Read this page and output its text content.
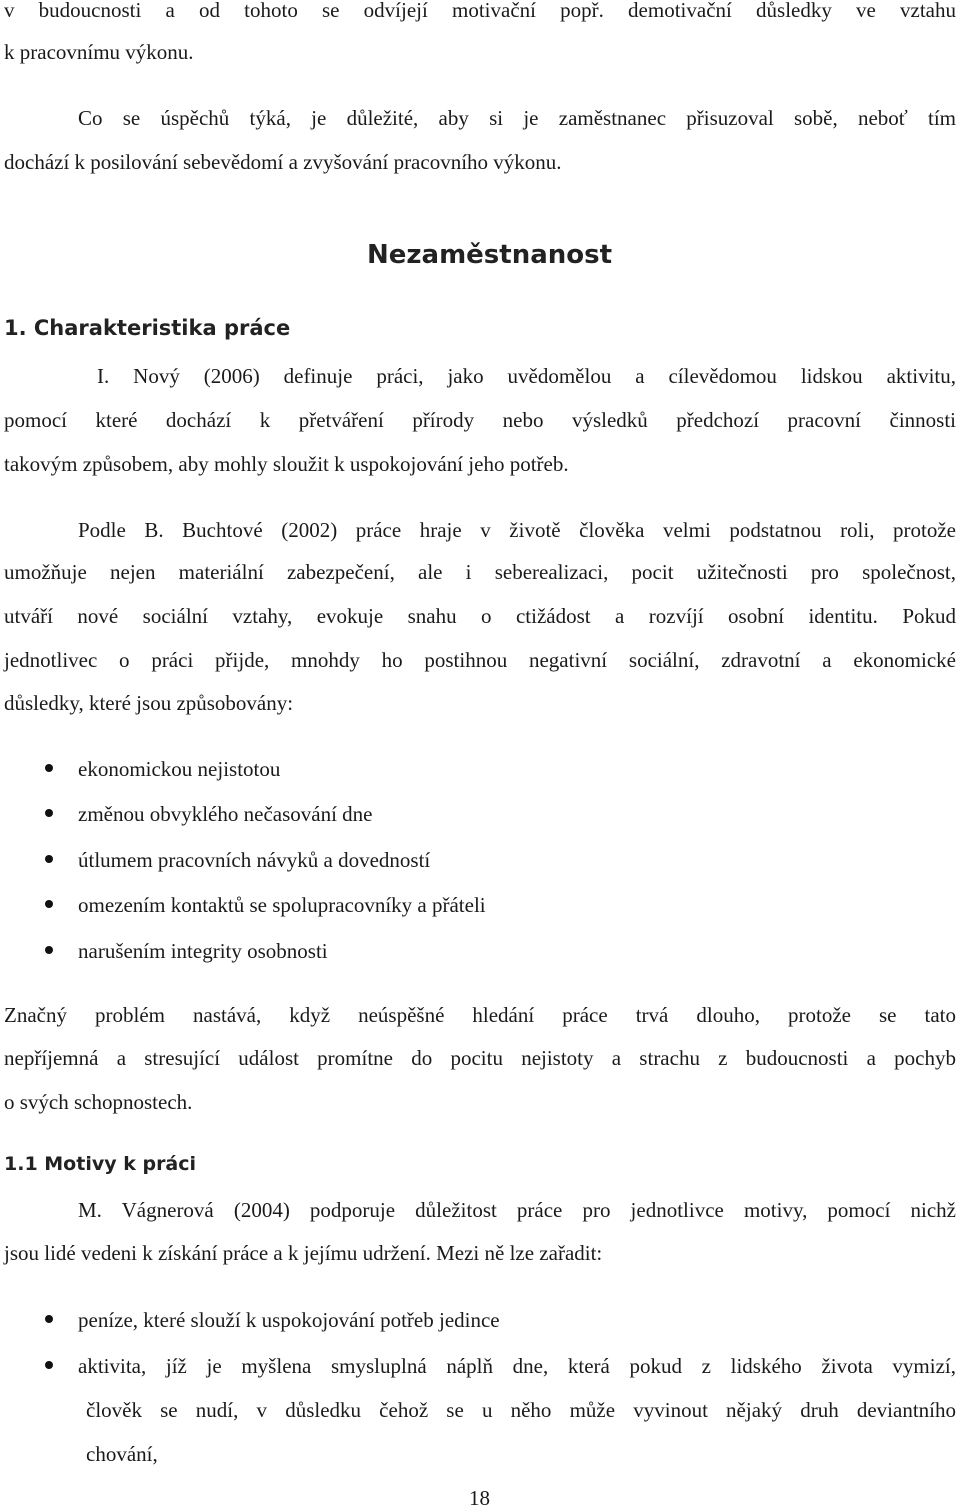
v budoucnosti a od tohoto se odvíjejí motivační popř. demotivační důsledky ve vztahu

k pracovnímu výkonu.

Co se úspěchů týká, je důležité, aby si je zaměstnanec přisuzoval sobě, neboť tím

dochází k posilování sebevědomí a zvyšování pracovního výkonu.

Nezaměstnanost
1. Charakteristika práce

I. Nový (2006) definuje práci, jako uvědomělou a cílevědomou lidskou aktivitu,

pomocí které dochází k přetváření přírody nebo výsledků předchozí pracovní činnosti

takovým způsobem, aby mohly sloužit k uspokojování jeho potřeb.

Podle B. Buchtové (2002) práce hraje v životě člověka velmi podstatnou roli, protože

umožňuje nejen materiální zabezpečení, ale i seberealizaci, pocit užitečnosti pro společnost,

utváří nové sociální vztahy, evokuje snahu o ctižádost a rozvíjí osobní identitu. Pokud

jednotlivec o práci přijde, mnohdy ho postihnou negativní sociální, zdravotní a ekonomické

důsledky, které jsou způsobovány:

ekonomickou nejistotou

změnou obvyklého nečasování dne

útlumem pracovních návyků a dovedností

omezením kontaktů se spolupracovníky a přáteli

narušením integrity osobnosti

Značný problém nastává, když neúspěšné hledání práce trvá dlouho, protože se tato

nepříjemná a stresující událost promítne do pocitu nejistoty a strachu z budoucnosti a pochyb

o svých schopnostech.

1.1 Motivy k práci

M. Vágnerová (2004) podporuje důležitost práce pro jednotlivce motivy, pomocí nichž

jsou lidé vedeni k získání práce a k jejímu udržení. Mezi ně lze zařadit:

peníze, které slouží k uspokojování potřeb jedince

aktivita, jíž je myšlena smysluplná náplň dne, která pokud z lidského života vymizí,

člověk se nudí, v důsledku čehož se u něho může vyvinout nějaký druh deviantního

chování,

18
